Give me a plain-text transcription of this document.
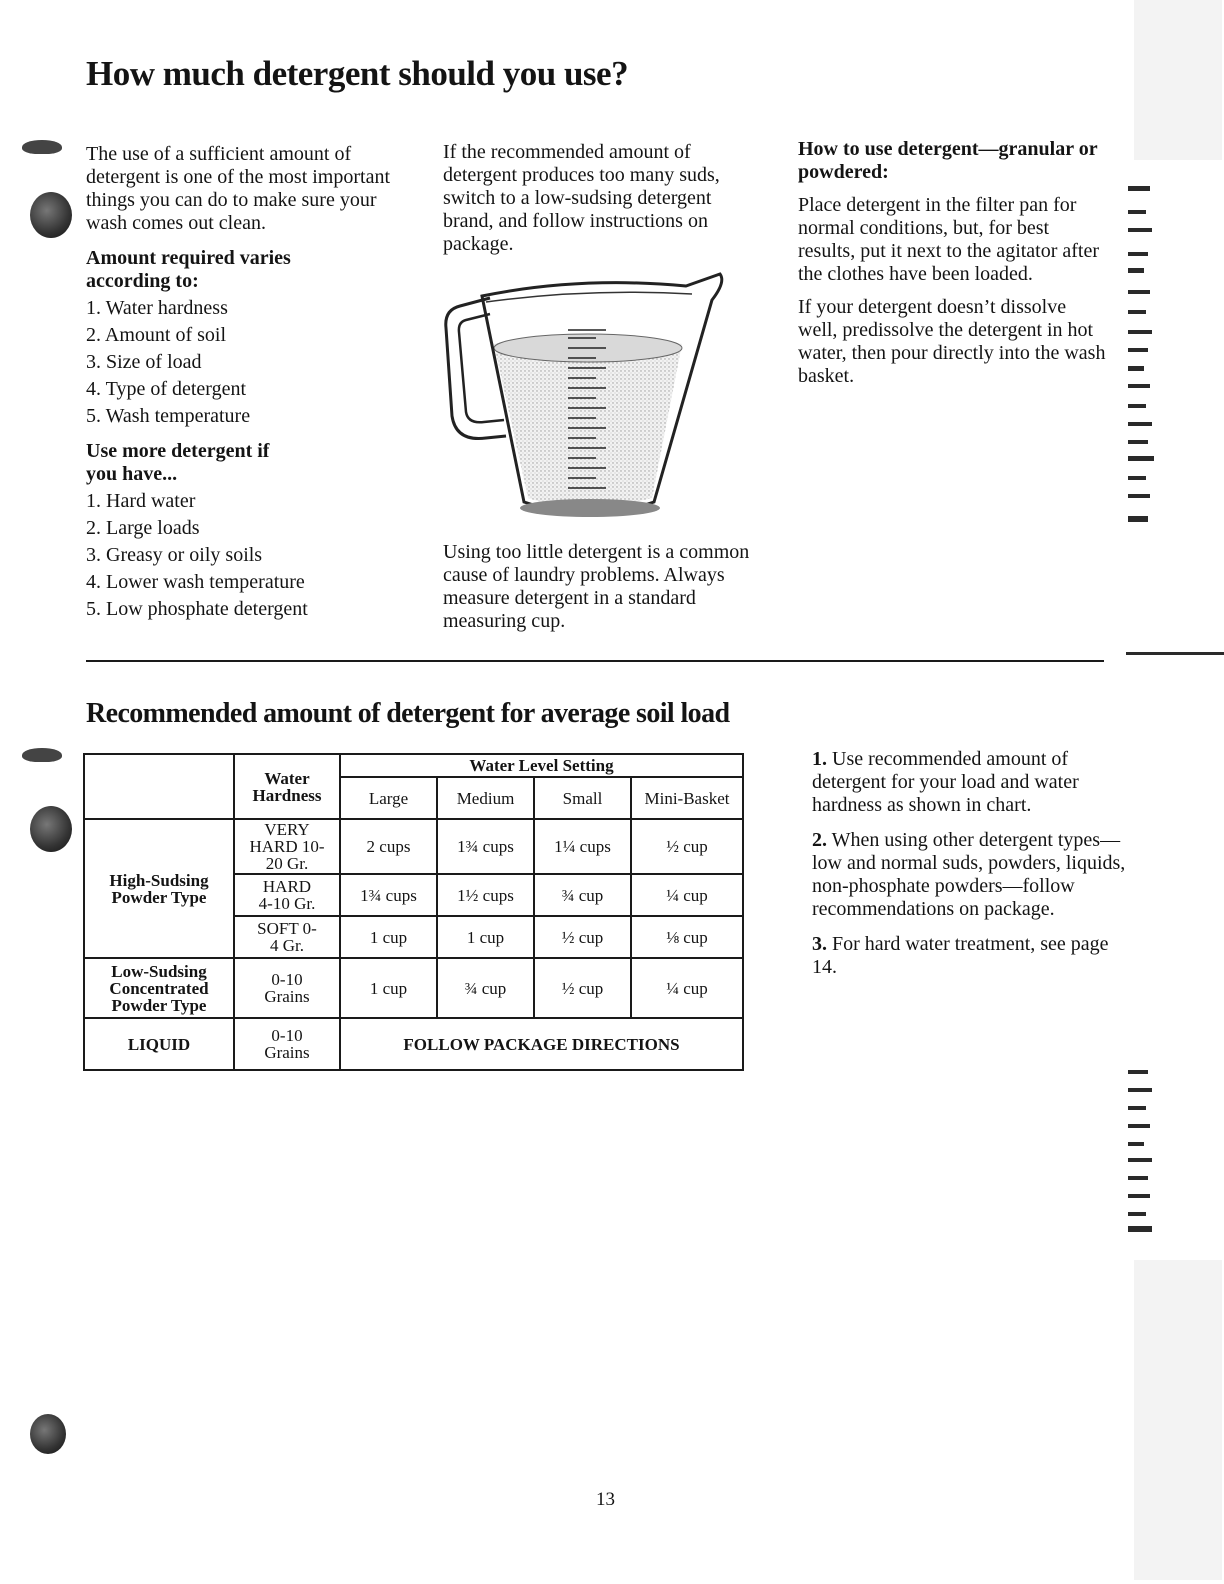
How much detergent should you use?

The use of a sufficient amount of detergent is one of the most important things you can do to make sure your wash comes out clean.

Amount required varies according to:
1. Water hardness
2. Amount of soil
3. Size of load
4. Type of detergent
5. Wash temperature
Use more detergent if you have...
1. Hard water
2. Large loads
3. Greasy or oily soils
4. Lower wash temperature
5. Low phosphate detergent

If the recommended amount of detergent produces too many suds, switch to a low-sudsing detergent brand, and follow instructions on package.

Using too little detergent is a common cause of laundry problems. Always measure detergent in a standard measuring cup.

How to use detergent—granular or powdered:

Place detergent in the filter pan for normal conditions, but, for best results, put it next to the agitator after the clothes have been loaded.

If your detergent doesn’t dissolve well, predissolve the detergent in hot water, then pour directly into the wash basket.

Recommended amount of detergent for average soil load
	Water Hardness	Water Level Setting			
		Large	Medium	Small	Mini-Basket
High-Sudsing Powder Type	VERY HARD 10-20 Gr.	2 cups	1¾ cups	1¼ cups	½ cup
	HARD 4-10 Gr.	1¾ cups	1½ cups	¾ cup	¼ cup
	SOFT 0-4 Gr.	1 cup	1 cup	½ cup	⅛ cup
Low-Sudsing Concentrated Powder Type	0-10 Grains	1 cup	¾ cup	½ cup	¼ cup
LIQUID	0-10 Grains	FOLLOW PACKAGE DIRECTIONS			

1. Use recommended amount of detergent for your load and water hardness as shown in chart.

2. When using other detergent types—low and normal suds, powders, liquids, non-phosphate powders—follow recommendations on package.

3. For hard water treatment, see page 14.

13
